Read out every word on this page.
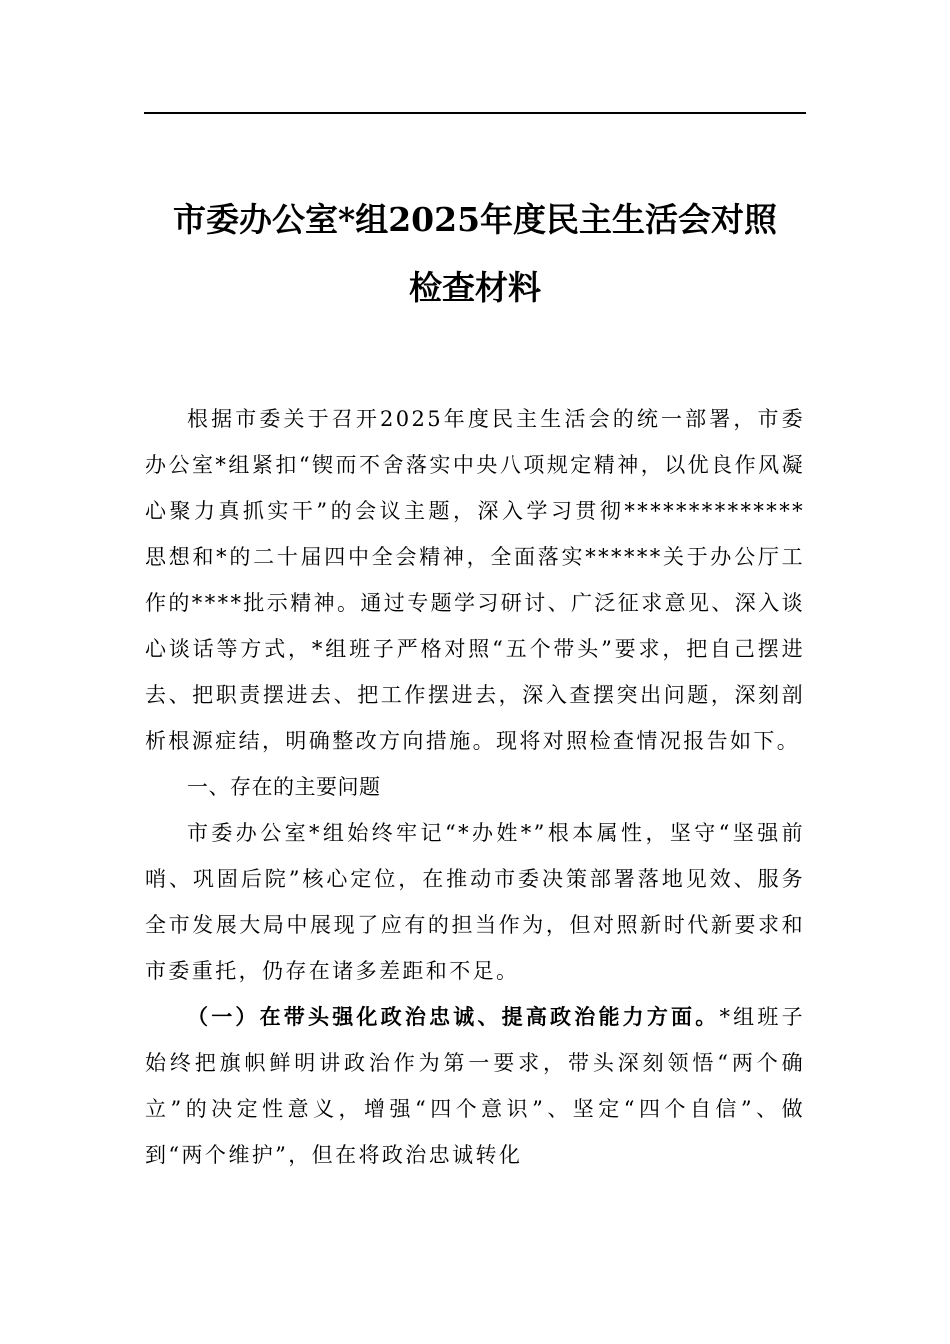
市委办公室*组2025年度民主生活会对照
检查材料

根据市委关于召开2025年度民主生活会的统一部署，市委办公室*组紧扣“锲而不舍落实中央八项规定精神，以优良作风凝心聚力真抓实干”的会议主题，深入学习贯彻**************思想和*的二十届四中全会精神，全面落实******关于办公厅工作的****批示精神。通过专题学习研讨、广泛征求意见、深入谈心谈话等方式，*组班子严格对照“五个带头”要求，把自己摆进去、把职责摆进去、把工作摆进去，深入查摆突出问题，深刻剖析根源症结，明确整改方向措施。现将对照检查情况报告如下。

一、存在的主要问题

市委办公室*组始终牢记“*办姓*”根本属性，坚守“坚强前哨、巩固后院”核心定位，在推动市委决策部署落地见效、服务全市发展大局中展现了应有的担当作为，但对照新时代新要求和市委重托，仍存在诸多差距和不足。

（一）在带头强化政治忠诚、提高政治能力方面。*组班子始终把旗帜鲜明讲政治作为第一要求，带头深刻领悟“两个确立”的决定性意义，增强“四个意识”、坚定“四个自信”、做到“两个维护”，但在将政治忠诚转化
